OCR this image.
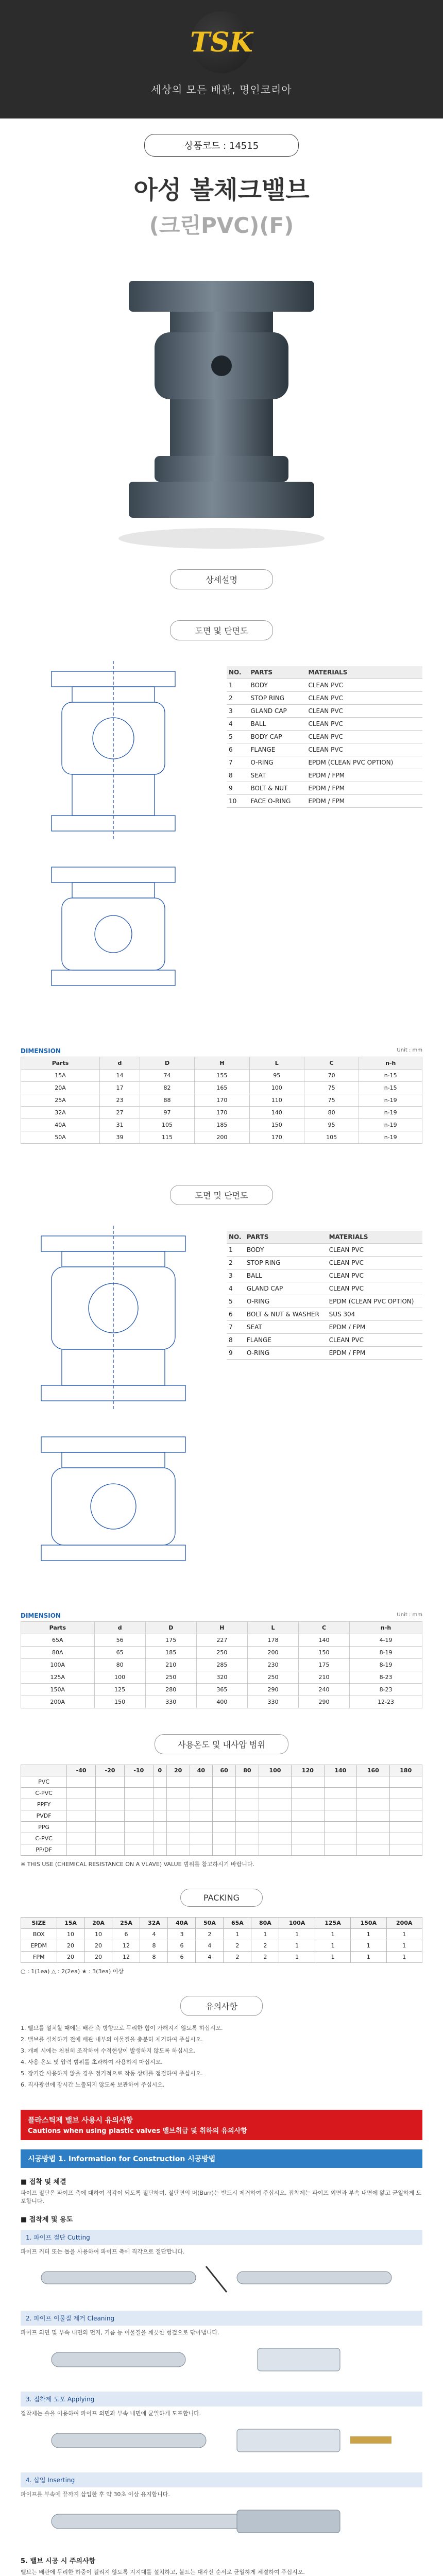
TSK
세상의 모든 배관, 명인코리아
상품코드 : 14515
아성 볼체크밸브
(크린PVC)(F)
상세설명
도면 및 단면도
NO.	PARTS	MATERIALS
1	BODY	CLEAN PVC
2	STOP RING	CLEAN PVC
3	GLAND CAP	CLEAN PVC
4	BALL	CLEAN PVC
5	BODY CAP	CLEAN PVC
6	FLANGE	CLEAN PVC
7	O-RING	EPDM (CLEAN PVC OPTION)
8	SEAT	EPDM / FPM
9	BOLT & NUT	EPDM / FPM
10	FACE O-RING	EPDM / FPM
DIMENSION	Unit : mm
Parts	d	D	H	L	C	n-h
15A	14	74	155	95	70	n-15
20A	17	82	165	100	75	n-15
25A	23	88	170	110	75	n-19
32A	27	97	170	140	80	n-19
40A	31	105	185	150	95	n-19
50A	39	115	200	170	105	n-19
도면 및 단면도
NO.	PARTS	MATERIALS
1	BODY	CLEAN PVC
2	STOP RING	CLEAN PVC
3	BALL	CLEAN PVC
4	GLAND CAP	CLEAN PVC
5	O-RING	EPDM (CLEAN PVC OPTION)
6	BOLT & NUT & WASHER	SUS 304
7	SEAT	EPDM / FPM
8	FLANGE	CLEAN PVC
9	O-RING	EPDM / FPM
DIMENSION	Unit : mm
Parts	d	D	H	L	C	n-h
65A	56	175	227	178	140	4-19
80A	65	185	250	200	150	8-19
100A	80	210	285	230	175	8-19
125A	100	250	320	250	210	8-23
150A	125	280	365	290	240	8-23
200A	150	330	400	330	290	12-23
사용온도 및 내사압 범위
	-40	-20	-10	0	20	40	60	80	100	120	140	160	180
PVC													
C-PVC													
PPFY													
PVDF													
PPG													
C-PVC													
PP/DF													
※ THIS USE (CHEMICAL RESISTANCE ON A VLAVE) VALUE 범위를 참고하시기 바랍니다.
PACKING
SIZE	15A	20A	25A	32A	40A	50A	65A	80A	100A	125A	150A	200A
BOX	10	10	6	4	3	2	1	1	1	1	1	1
EPDM	20	20	12	8	6	4	2	2	1	1	1	1
FPM	20	20	12	8	6	4	2	2	1	1	1	1
○ : 1(1ea) △ : 2(2ea) ★ : 3(3ea) 이상
유의사항
1. 밸브를 설치할 때에는 배관 축 방향으로 무리한 힘이 가해지지 않도록 하십시오.
2. 밸브를 설치하기 전에 배관 내부의 이물질을 충분히 제거하여 주십시오.
3. 개폐 시에는 천천히 조작하여 수격현상이 발생하지 않도록 하십시오.
4. 사용 온도 및 압력 범위를 초과하여 사용하지 마십시오.
5. 장기간 사용하지 않을 경우 정기적으로 작동 상태를 점검하여 주십시오.
6. 직사광선에 장시간 노출되지 않도록 보관하여 주십시오.
플라스틱제 밸브 사용시 유의사항
Cautions when using plastic valves 밸브취급 및 취하의 유의사항
시공방법 1. Information for Construction 시공방법
■ 접착 및 체결
파이프 절단은 파이프 축에 대하여 직각이 되도록 절단하며, 절단면의 버(Burr)는 반드시 제거하여 주십시오. 접착제는 파이프 외면과 부속 내면에 얇고 균일하게 도포합니다.
■ 접착제 및 용도
1. 파이프 절단 Cutting
파이프 커터 또는 톱을 사용하여 파이프 축에 직각으로 절단합니다.
2. 파이프 이물질 제거 Cleaning
파이프 외면 및 부속 내면의 먼지, 기름 등 이물질을 깨끗한 헝겊으로 닦아냅니다.
3. 접착제 도포 Applying
접착제는 솔을 이용하여 파이프 외면과 부속 내면에 균일하게 도포합니다.
4. 삽입 Inserting
파이프를 부속에 끝까지 삽입한 후 약 30초 이상 유지합니다.
5. 밸브 시공 시 주의사항
밸브는 배관에 무리한 하중이 걸리지 않도록 지지대를 설치하고, 볼트는 대각선 순서로 균일하게 체결하여 주십시오.
